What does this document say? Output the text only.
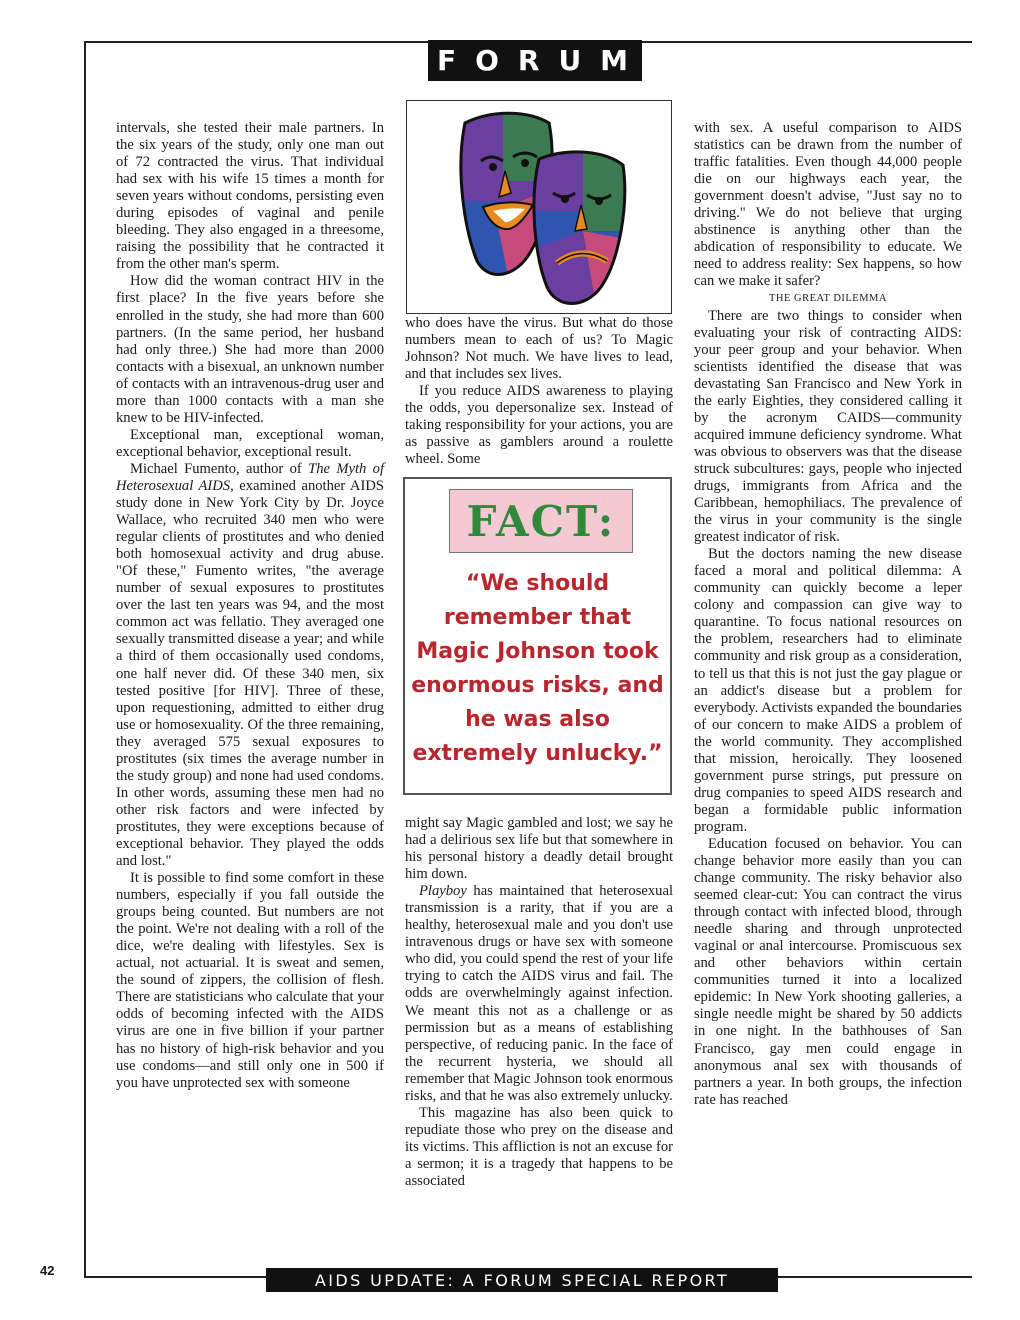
FORUM

intervals, she tested their male partners. In the six years of the study, only one man out of 72 contracted the virus. That individual had sex with his wife 15 times a month for seven years without condoms, persisting even during episodes of vaginal and penile bleeding. They also engaged in a threesome, raising the possibility that he contracted it from the other man's sperm.

How did the woman contract HIV in the first place? In the five years before she enrolled in the study, she had more than 600 partners. (In the same period, her husband had only three.) She had more than 2000 contacts with a bisexual, an unknown number of contacts with an intravenous-drug user and more than 1000 contacts with a man she knew to be HIV-infected.

Exceptional man, exceptional woman, exceptional behavior, exceptional result.

Michael Fumento, author of The Myth of Heterosexual AIDS, examined another AIDS study done in New York City by Dr. Joyce Wallace, who recruited 340 men who were regular clients of prostitutes and who denied both homosexual activity and drug abuse. "Of these," Fumento writes, "the average number of sexual exposures to prostitutes over the last ten years was 94, and the most common act was fellatio. They averaged one sexually transmitted disease a year; and while a third of them occasionally used condoms, one half never did. Of these 340 men, six tested positive [for HIV]. Three of these, upon requestioning, admitted to either drug use or homosexuality. Of the three remaining, they averaged 575 sexual exposures to prostitutes (six times the average number in the study group) and none had used condoms. In other words, assuming these men had no other risk factors and were infected by prostitutes, they were exceptions because of exceptional behavior. They played the odds and lost."

It is possible to find some comfort in these numbers, especially if you fall outside the groups being counted. But numbers are not the point. We're not dealing with a roll of the dice, we're dealing with lifestyles. Sex is actual, not actuarial. It is sweat and semen, the sound of zippers, the collision of flesh. There are statisticians who calculate that your odds of becoming infected with the AIDS virus are one in five billion if your partner has no history of high-risk behavior and you use condoms—and still only one in 500 if you have unprotected sex with someone

who does have the virus. But what do those numbers mean to each of us? To Magic Johnson? Not much. We have lives to lead, and that includes sex lives.

If you reduce AIDS awareness to playing the odds, you depersonalize sex. Instead of taking responsibility for your actions, you are as passive as gamblers around a roulette wheel. Some

FACT:
“We should remember that Magic Johnson took enormous risks, and he was also extremely unlucky.”

might say Magic gambled and lost; we say he had a delirious sex life but that somewhere in his personal history a deadly detail brought him down.

Playboy has maintained that heterosexual transmission is a rarity, that if you are a healthy, heterosexual male and you don't use intravenous drugs or have sex with someone who did, you could spend the rest of your life trying to catch the AIDS virus and fail. The odds are overwhelmingly against infection. We meant this not as a challenge or as permission but as a means of establishing perspective, of reducing panic. In the face of the recurrent hysteria, we should all remember that Magic Johnson took enormous risks, and that he was also extremely unlucky.

This magazine has also been quick to repudiate those who prey on the disease and its victims. This affliction is not an excuse for a sermon; it is a tragedy that happens to be associated

with sex. A useful comparison to AIDS statistics can be drawn from the number of traffic fatalities. Even though 44,000 people die on our highways each year, the government doesn't advise, "Just say no to driving." We do not believe that urging abstinence is anything other than the abdication of responsibility to educate. We need to address reality: Sex happens, so how can we make it safer?

THE GREAT DILEMMA

There are two things to consider when evaluating your risk of contracting AIDS: your peer group and your behavior. When scientists identified the disease that was devastating San Francisco and New York in the early Eighties, they considered calling it by the acronym CAIDS—community acquired immune deficiency syndrome. What was obvious to observers was that the disease struck subcultures: gays, people who injected drugs, immigrants from Africa and the Caribbean, hemophiliacs. The prevalence of the virus in your community is the single greatest indicator of risk.

But the doctors naming the new disease faced a moral and political dilemma: A community can quickly become a leper colony and compassion can give way to quarantine. To focus national resources on the problem, researchers had to eliminate community and risk group as a consideration, to tell us that this is not just the gay plague or an addict's disease but a problem for everybody. Activists expanded the boundaries of our concern to make AIDS a problem of the world community. They accomplished that mission, heroically. They loosened government purse strings, put pressure on drug companies to speed AIDS research and began a formidable public information program.

Education focused on behavior. You can change behavior more easily than you can change community. The risky behavior also seemed clear-cut: You can contract the virus through contact with infected blood, through needle sharing and through unprotected vaginal or anal intercourse. Promiscuous sex and other behaviors within certain communities turned it into a localized epidemic: In New York shooting galleries, a single needle might be shared by 50 addicts in one night. In the bathhouses of San Francisco, gay men could engage in anonymous anal sex with thousands of partners a year. In both groups, the infection rate has reached

42	AIDS UPDATE: A FORUM SPECIAL REPORT
